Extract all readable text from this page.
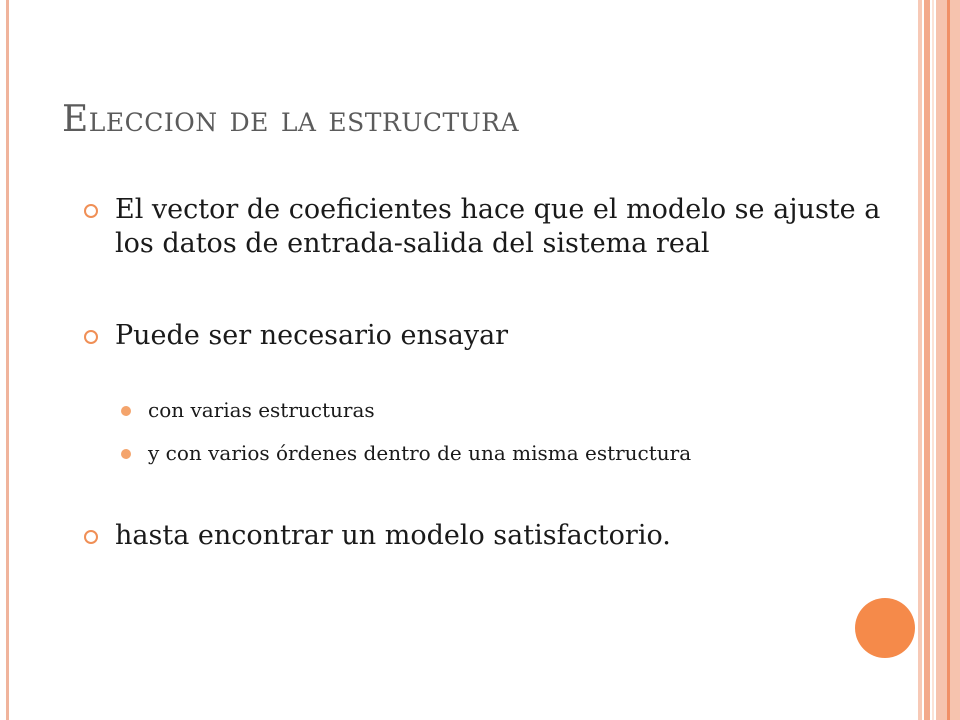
Eleccion de la estructura
El vector de coeficientes hace que el modelo se ajuste a los datos de entrada-salida del sistema real
Puede ser necesario ensayar
con varias estructuras
y con varios órdenes dentro de una misma estructura
hasta encontrar un modelo satisfactorio.
